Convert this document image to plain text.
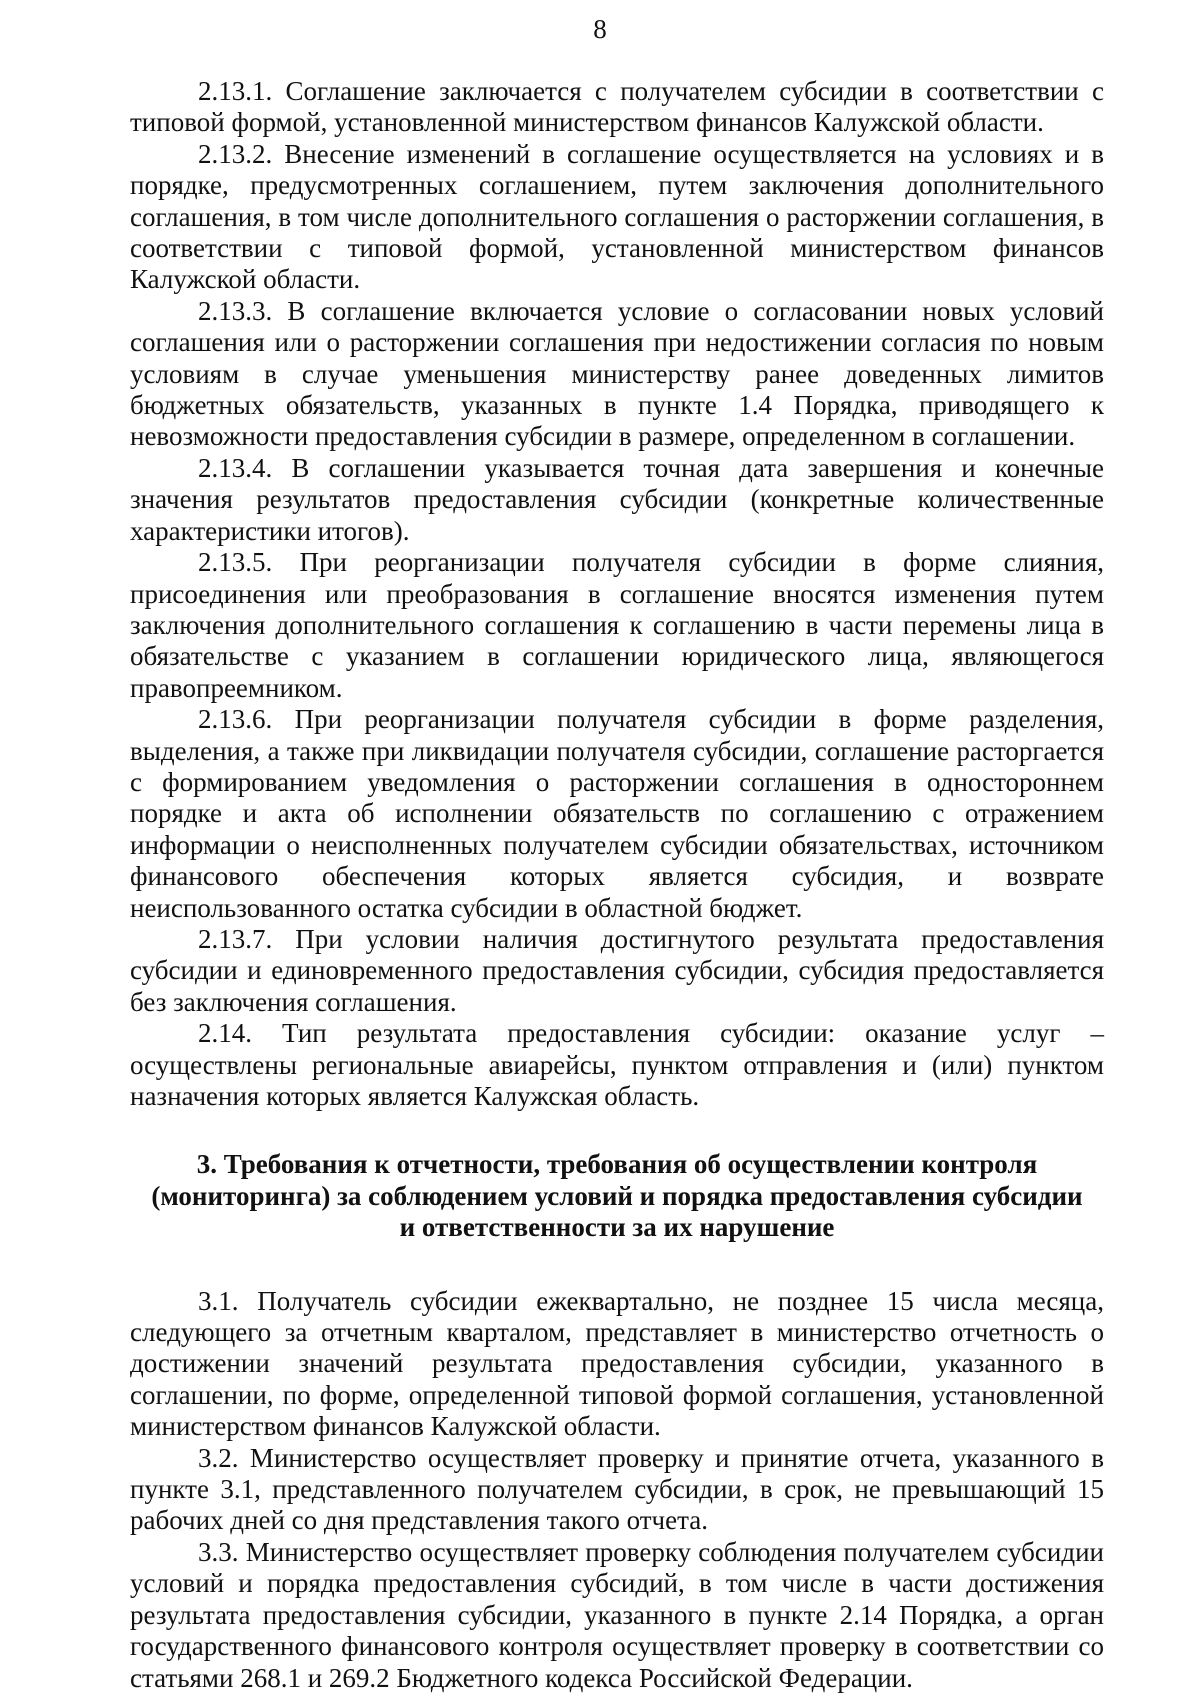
8

2.13.1. Соглашение заключается с получателем субсидии в соответствии с типовой формой, установленной министерством финансов Калужской области.

2.13.2. Внесение изменений в соглашение осуществляется на условиях и в порядке, предусмотренных соглашением, путем заключения дополнительного соглашения, в том числе дополнительного соглашения о расторжении соглашения, в соответствии с типовой формой, установленной министерством финансов Калужской области.

2.13.3. В соглашение включается условие о согласовании новых условий соглашения или о расторжении соглашения при недостижении согласия по новым условиям в случае уменьшения министерству ранее доведенных лимитов бюджетных обязательств, указанных в пункте 1.4 Порядка, приводящего к невозможности предоставления субсидии в размере, определенном в соглашении.

2.13.4. В соглашении указывается точная дата завершения и конечные значения результатов предоставления субсидии (конкретные количественные характеристики итогов).

2.13.5. При реорганизации получателя субсидии в форме слияния, присоединения или преобразования в соглашение вносятся изменения путем заключения дополнительного соглашения к соглашению в части перемены лица в обязательстве с указанием в соглашении юридического лица, являющегося правопреемником.

2.13.6. При реорганизации получателя субсидии в форме разделения, выделения, а также при ликвидации получателя субсидии, соглашение расторгается с формированием уведомления о расторжении соглашения в одностороннем порядке и акта об исполнении обязательств по соглашению с отражением информации о неисполненных получателем субсидии обязательствах, источником финансового обеспечения которых является субсидия, и возврате неиспользованного остатка субсидии в областной бюджет.

2.13.7. При условии наличия достигнутого результата предоставления субсидии и единовременного предоставления субсидии, субсидия предоставляется без заключения соглашения.

2.14. Тип результата предоставления субсидии: оказание услуг – осуществлены региональные авиарейсы, пунктом отправления и (или) пунктом назначения которых является Калужская область.

3. Требования к отчетности, требования об осуществлении контроля
(мониторинга) за соблюдением условий и порядка предоставления субсидии
и ответственности за их нарушение

3.1. Получатель субсидии ежеквартально, не позднее 15 числа месяца, следующего за отчетным кварталом, представляет в министерство отчетность о достижении значений результата предоставления субсидии, указанного в соглашении, по форме, определенной типовой формой соглашения, установленной министерством финансов Калужской области.

3.2. Министерство осуществляет проверку и принятие отчета, указанного в пункте 3.1, представленного получателем субсидии, в срок, не превышающий 15 рабочих дней со дня представления такого отчета.

3.3. Министерство осуществляет проверку соблюдения получателем субсидии условий и порядка предоставления субсидий, в том числе в части достижения результата предоставления субсидии, указанного в пункте 2.14 Порядка, а орган государственного финансового контроля осуществляет проверку в соответствии со статьями 268.1 и 269.2 Бюджетного кодекса Российской Федерации.
